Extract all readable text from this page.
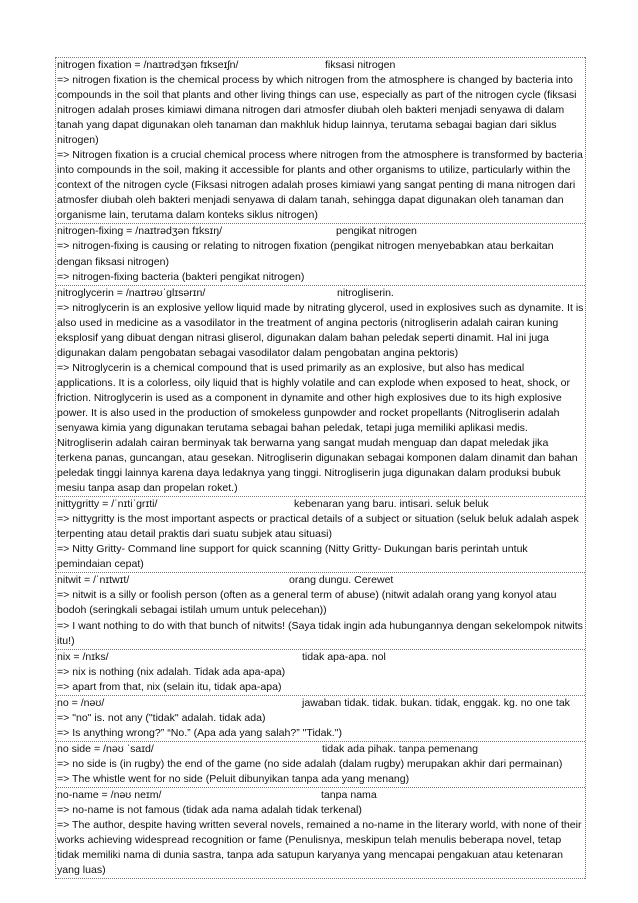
nitrogen fixation = /naɪtrədʒən fɪkseɪʃn/	fiksasi nitrogen
=> nitrogen fixation is the chemical process by which nitrogen from the atmosphere is changed by bacteria into compounds in the soil that plants and other living things can use, especially as part of the nitrogen cycle (fiksasi nitrogen adalah proses kimiawi dimana nitrogen dari atmosfer diubah oleh bakteri menjadi senyawa di dalam tanah yang dapat digunakan oleh tanaman dan makhluk hidup lainnya, terutama sebagai bagian dari siklus nitrogen)
=> Nitrogen fixation is a crucial chemical process where nitrogen from the atmosphere is transformed by bacteria into compounds in the soil, making it accessible for plants and other organisms to utilize, particularly within the context of the nitrogen cycle (Fiksasi nitrogen adalah proses kimiawi yang sangat penting di mana nitrogen dari atmosfer diubah oleh bakteri menjadi senyawa di dalam tanah, sehingga dapat digunakan oleh tanaman dan organisme lain, terutama dalam konteks siklus nitrogen)
nitrogen-fixing = /naɪtrədʒən fɪksɪŋ/	pengikat nitrogen
=> nitrogen-fixing is causing or relating to nitrogen fixation (pengikat nitrogen menyebabkan atau berkaitan dengan fiksasi nitrogen)
=> nitrogen-fixing bacteria (bakteri pengikat nitrogen)
nitroglycerin = /naɪtrəʊˈglɪsərɪn/	nitrogliserin.
=> nitroglycerin is an explosive yellow liquid made by nitrating glycerol, used in explosives such as dynamite. It is also used in medicine as a vasodilator in the treatment of angina pectoris (nitrogliserin adalah cairan kuning eksplosif yang dibuat dengan nitrasi gliserol, digunakan dalam bahan peledak seperti dinamit. Hal ini juga digunakan dalam pengobatan sebagai vasodilator dalam pengobatan angina pektoris)
=> Nitroglycerin is a chemical compound that is used primarily as an explosive, but also has medical applications. It is a colorless, oily liquid that is highly volatile and can explode when exposed to heat, shock, or friction. Nitroglycerin is used as a component in dynamite and other high explosives due to its high explosive power. It is also used in the production of smokeless gunpowder and rocket propellants (Nitrogliserin adalah senyawa kimia yang digunakan terutama sebagai bahan peledak, tetapi juga memiliki aplikasi medis. Nitrogliserin adalah cairan berminyak tak berwarna yang sangat mudah menguap dan dapat meledak jika terkena panas, guncangan, atau gesekan. Nitrogliserin digunakan sebagai komponen dalam dinamit dan bahan peledak tinggi lainnya karena daya ledaknya yang tinggi. Nitrogliserin juga digunakan dalam produksi bubuk mesiu tanpa asap dan propelan roket.)
nittygritty = /ˈnɪtiˈgrɪti/	kebenaran yang baru. intisari. seluk beluk
=> nittygritty is the most important aspects or practical details of a subject or situation (seluk beluk adalah aspek terpenting atau detail praktis dari suatu subjek atau situasi)
=> Nitty Gritty- Command line support for quick scanning (Nitty Gritty- Dukungan baris perintah untuk pemindaian cepat)
nitwit = /ˈnɪtwɪt/	orang dungu. Cerewet
=> nitwit is a silly or foolish person (often as a general term of abuse) (nitwit adalah orang yang konyol atau bodoh (seringkali sebagai istilah umum untuk pelecehan))
=> I want nothing to do with that bunch of nitwits! (Saya tidak ingin ada hubungannya dengan sekelompok nitwits itu!)
nix = /nɪks/	tidak apa-apa. nol
=> nix is nothing (nix adalah. Tidak ada apa-apa)
=> apart from that, nix (selain itu, tidak apa-apa)
no = /nəʊ/	jawaban tidak. tidak. bukan. tidak, enggak. kg. no one tak
=> "no" is. not any ("tidak" adalah. tidak ada)
=> Is anything wrong?” “No.” (Apa ada yang salah?” "Tidak.")
no side = /nəʊ ˈsaɪd/	tidak ada pihak. tanpa pemenang
=> no side is (in rugby) the end of the game (no side adalah (dalam rugby) merupakan akhir dari permainan)
=> The whistle went for no side (Peluit dibunyikan tanpa ada yang menang)
no-name = /nəʊ neɪm/	tanpa nama
=> no-name is not famous (tidak ada nama adalah tidak terkenal)
=> The author, despite having written several novels, remained a no-name in the literary world, with none of their works achieving widespread recognition or fame (Penulisnya, meskipun telah menulis beberapa novel, tetap tidak memiliki nama di dunia sastra, tanpa ada satupun karyanya yang mencapai pengakuan atau ketenaran yang luas)
